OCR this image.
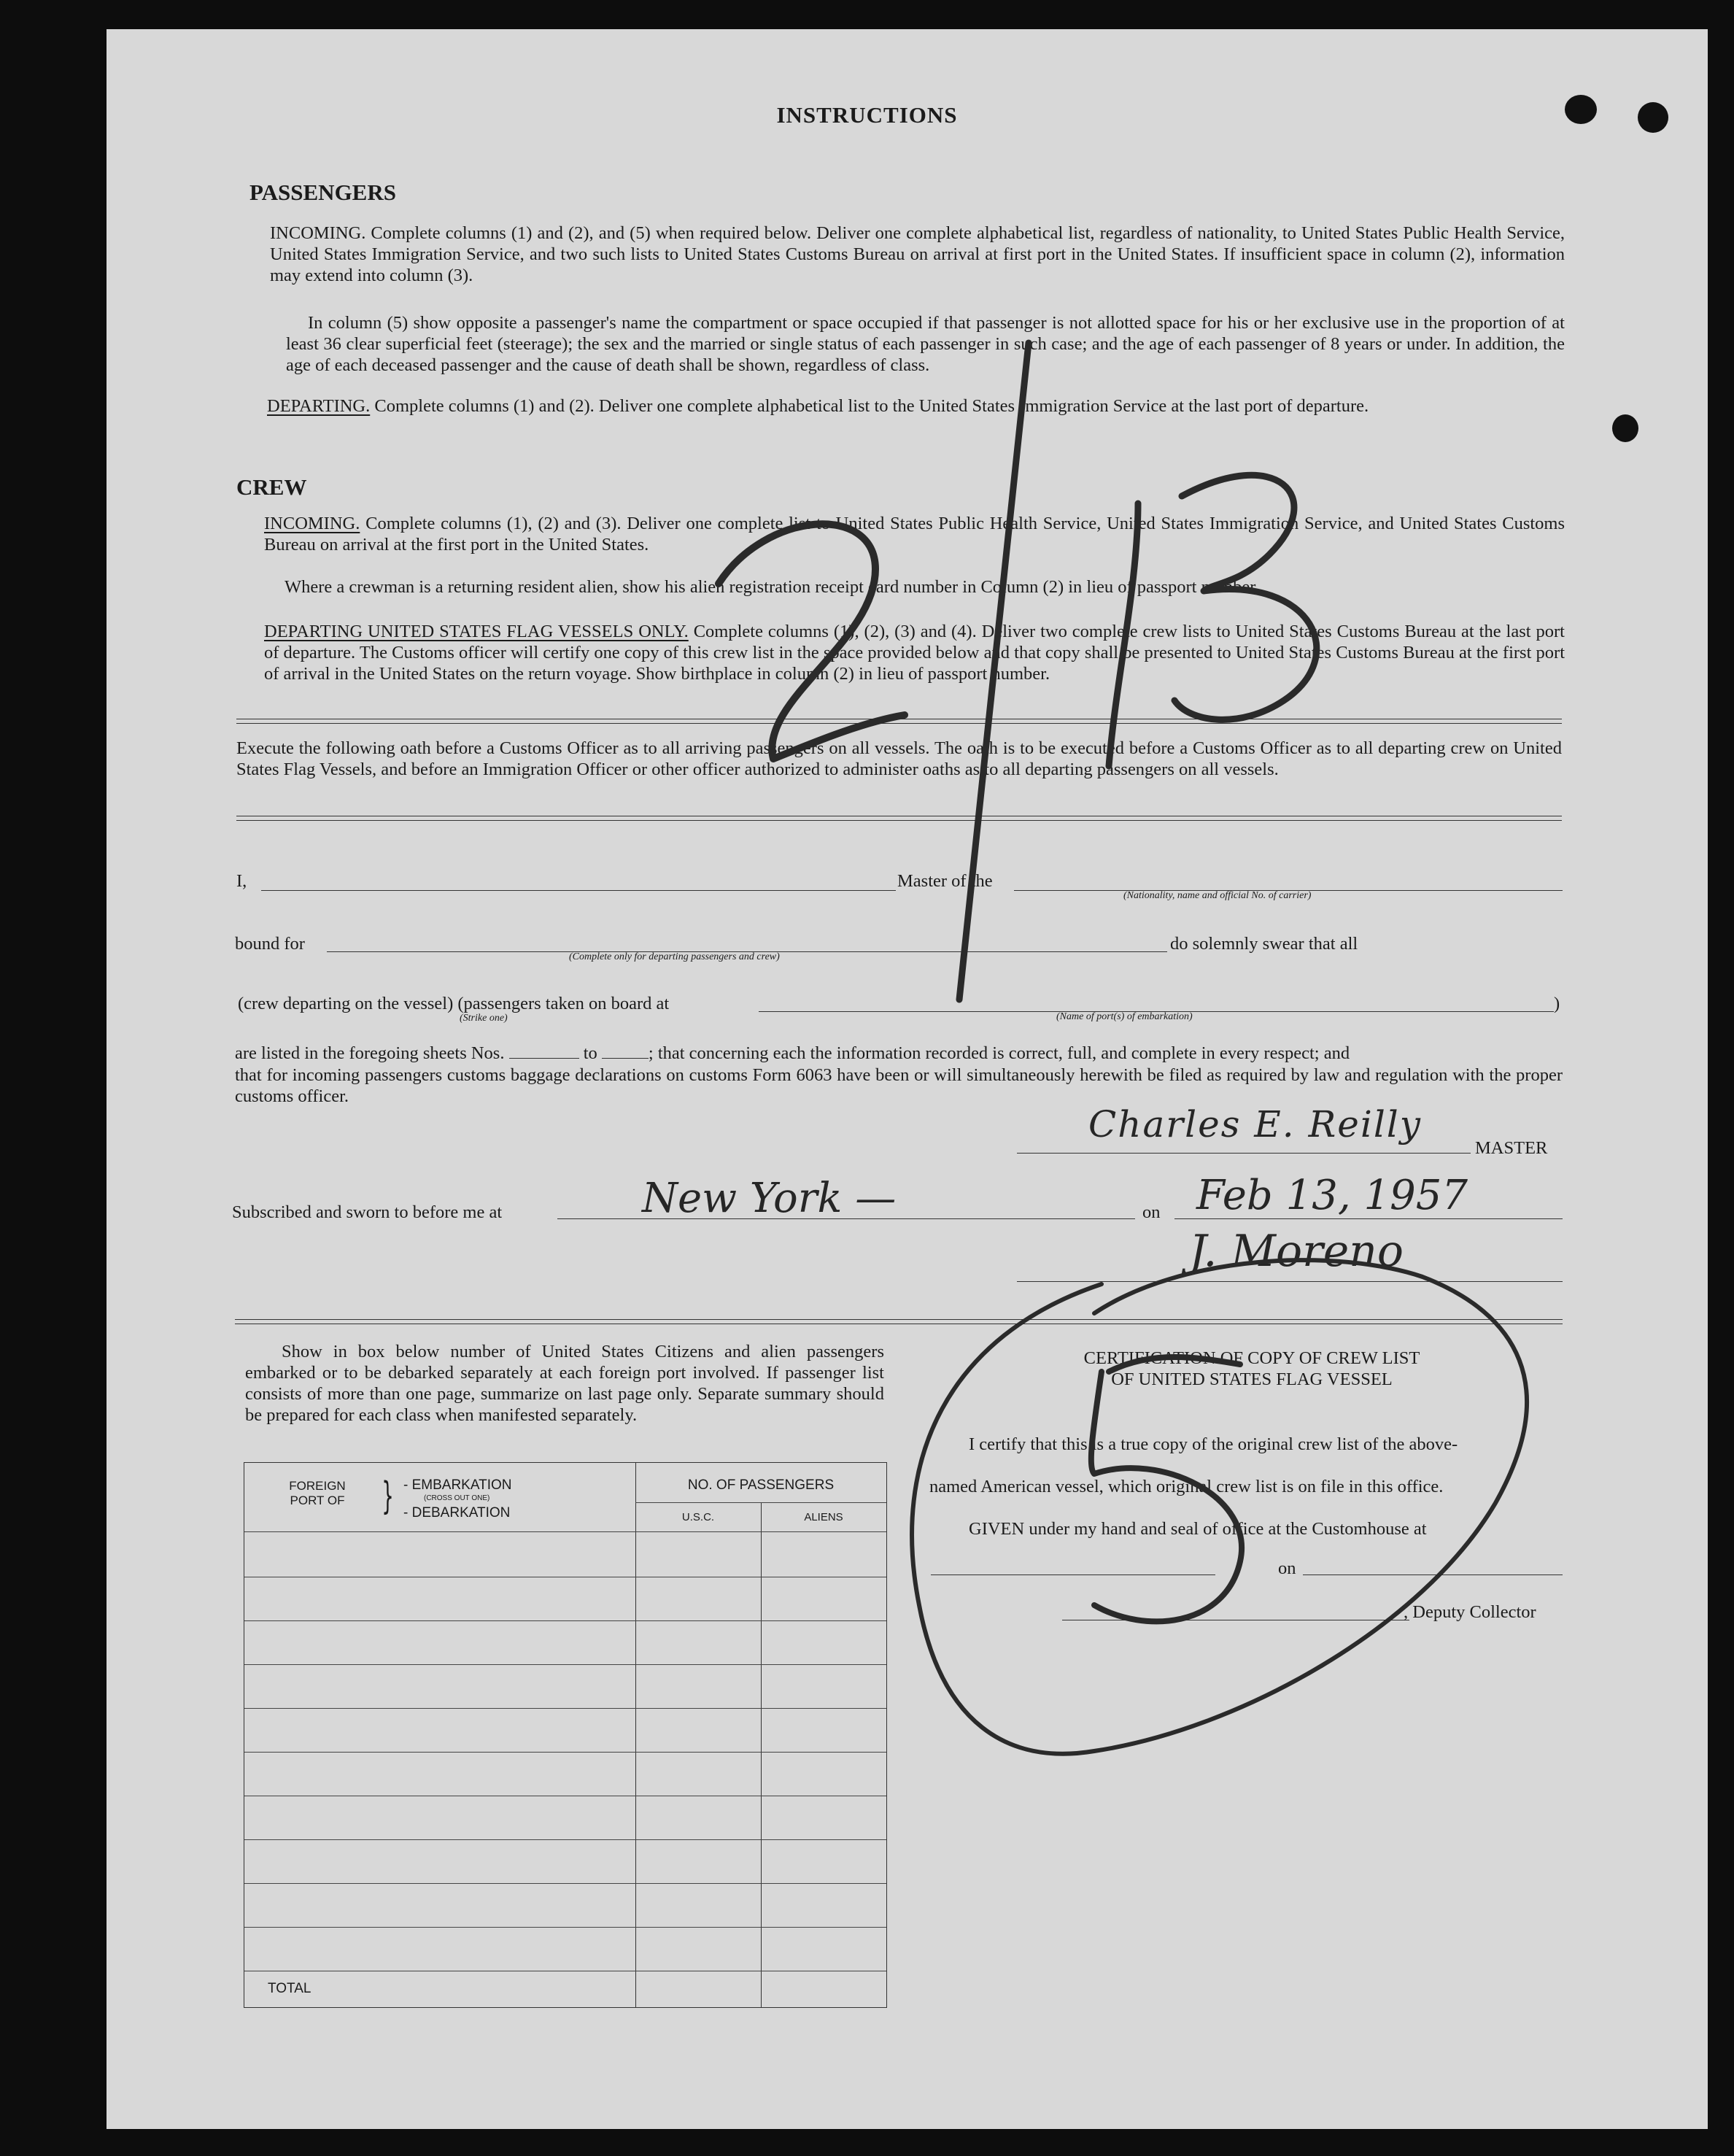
INSTRUCTIONS
PASSENGERS
INCOMING. Complete columns (1) and (2), and (5) when required below. Deliver one complete alphabetical list, regardless of nationality, to United States Public Health Service, United States Immigration Service, and two such lists to United States Customs Bureau on arrival at first port in the United States. If insufficient space in column (2), information may extend into column (3).
In column (5) show opposite a passenger's name the compartment or space occupied if that passenger is not allotted space for his or her exclusive use in the proportion of at least 36 clear superficial feet (steerage); the sex and the married or single status of each passenger in such case; and the age of each passenger of 8 years or under. In addition, the age of each deceased passenger and the cause of death shall be shown, regardless of class.
DEPARTING. Complete columns (1) and (2). Deliver one complete alphabetical list to the United States Immigration Service at the last port of departure.
CREW
INCOMING. Complete columns (1), (2) and (3). Deliver one complete list to United States Public Health Service, United States Immigration Service, and United States Customs Bureau on arrival at the first port in the United States.
Where a crewman is a returning resident alien, show his alien registration receipt card number in Column (2) in lieu of passport number.
DEPARTING UNITED STATES FLAG VESSELS ONLY. Complete columns (1), (2), (3) and (4). Deliver two complete crew lists to United States Customs Bureau at the last port of departure. The Customs officer will certify one copy of this crew list in the space provided below and that copy shall be presented to United States Customs Bureau at the first port of arrival in the United States on the return voyage. Show birthplace in column (2) in lieu of passport number.
Execute the following oath before a Customs Officer as to all arriving passengers on all vessels. The oath is to be executed before a Customs Officer as to all departing crew on United States Flag Vessels, and before an Immigration Officer or other officer authorized to administer oaths as to all departing passengers on all vessels.
I,	Master of the
(Nationality, name and official No. of carrier)
bound for
(Complete only for departing passengers and crew)
do solemnly swear that all
(crew departing on the vessel) (passengers taken on board at	)
(Strike one)	(Name of port(s) of embarkation)
are listed in the foregoing sheets Nos.	to	; that concerning each the information recorded is correct, full, and complete in every respect; and
that for incoming passengers customs baggage declarations on customs Form 6063 have been or will simultaneously herewith be filed as required by law and regulation with the proper customs officer.
Charles E. Reilly
MASTER
Subscribed and sworn to before me at	New York —	on Feb 13, 1957
J. Moreno
Show in box below number of United States Citizens and alien passengers embarked or to be debarked separately at each foreign port involved. If passenger list consists of more than one page, summarize on last page only. Separate summary should be prepared for each class when manifested separately.
FOREIGN PORT OF } - EMBARKATION
(CROSS OUT ONE)
- DEBARKATION
NO. OF PASSENGERS
U.S.C.	ALIENS
TOTAL
CERTIFICATION OF COPY OF CREW LIST
OF UNITED STATES FLAG VESSEL
I certify that this is a true copy of the original crew list of the above-
named American vessel, which original crew list is on file in this office.
GIVEN under my hand and seal of office at the Customhouse at
on
, Deputy Collector
